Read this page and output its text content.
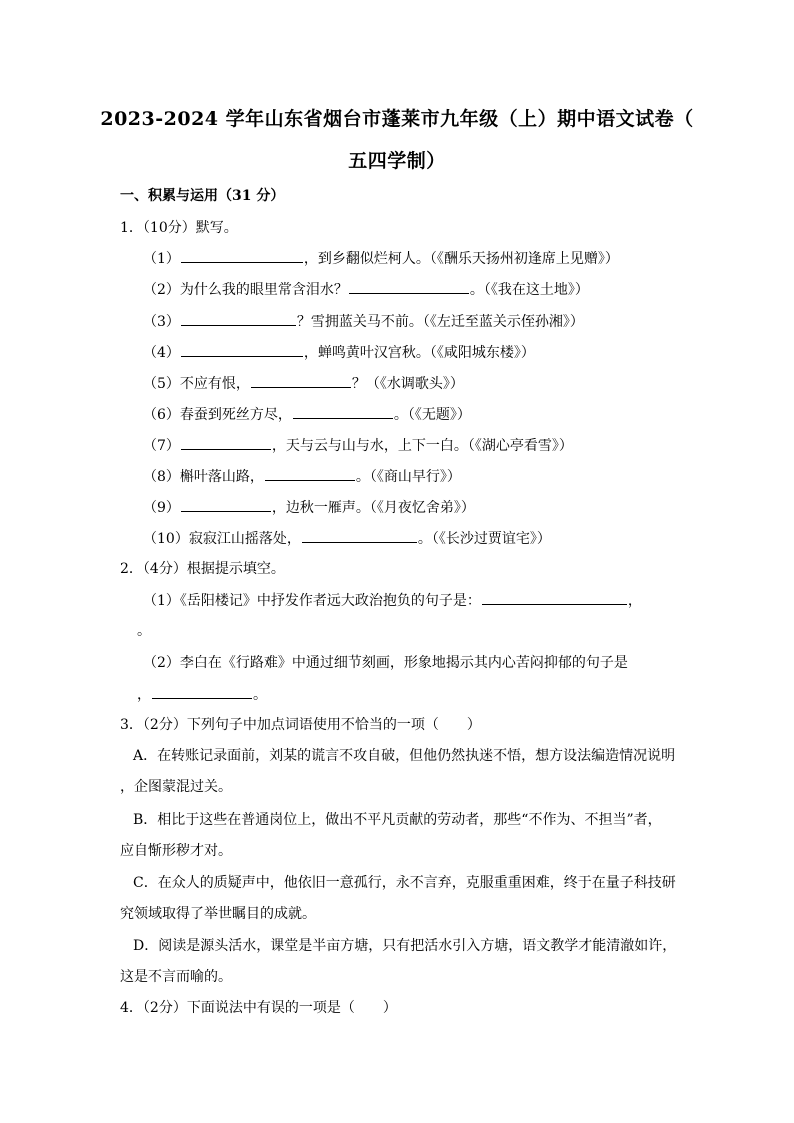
2023-2024 学年山东省烟台市蓬莱市九年级（上）期中语文试卷（
五四学制）
一、积累与运用（31 分）
1．（10分）默写。
（1）	，到乡翻似烂柯人。（《酬乐天扬州初逢席上见赠》）
（2）为什么我的眼里常含泪水？	。（《我在这土地》）
（3）	？雪拥蓝关马不前。（《左迁至蓝关示侄孙湘》）
（4）	，蝉鸣黄叶汉宫秋。（《咸阳城东楼》）
（5）不应有恨，	？（《水调歌头》）
（6）春蚕到死丝方尽，	。（《无题》）
（7）	，天与云与山与水，上下一白。（《湖心亭看雪》）
（8）槲叶落山路，	。（《商山早行》）
（9）	，边秋一雁声。（《月夜忆舍弟》）
（10）寂寂江山摇落处，	。（《长沙过贾谊宅》）
2．（4分）根据提示填空。
（1）《岳阳楼记》中抒发作者远大政治抱负的句子是：	，
。
（2）李白在《行路难》中通过细节刻画，形象地揭示其内心苦闷抑郁的句子是
，	。
3．（2分）下列句子中加点词语使用不恰当的一项（　　）
A．在转账记录面前，刘某的谎言不攻自破，但他仍然执迷不悟，想方设法编造情况说明
，企图蒙混过关。
B．相比于这些在普通岗位上，做出不平凡贡献的劳动者，那些“不作为、不担当”者，
应自惭形秽才对。
C．在众人的质疑声中，他依旧一意孤行，永不言弃，克服重重困难，终于在量子科技研
究领域取得了举世瞩目的成就。
D．阅读是源头活水，课堂是半亩方塘，只有把活水引入方塘，语文教学才能清澈如许，
这是不言而喻的。
4．（2分）下面说法中有误的一项是（　　）
